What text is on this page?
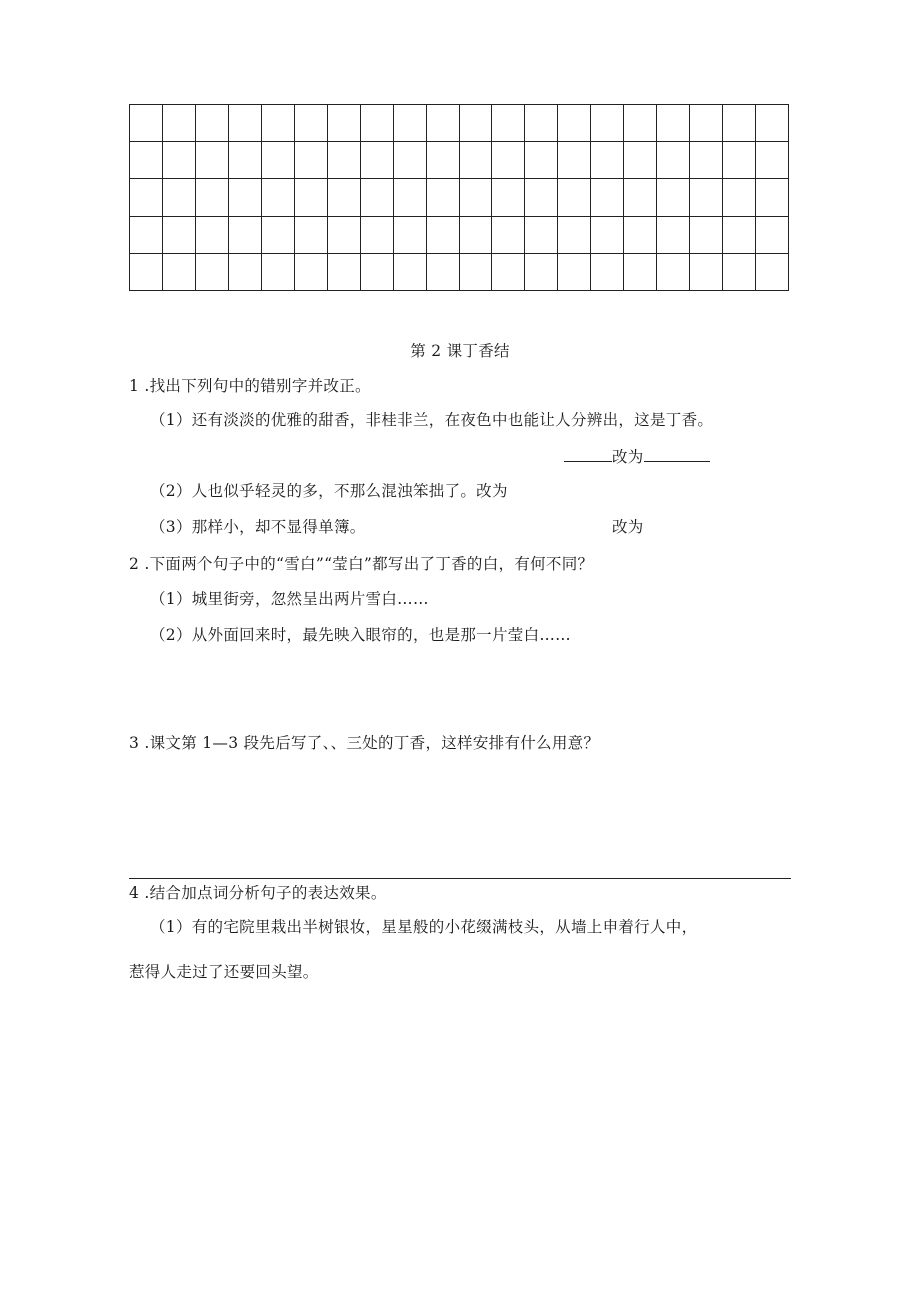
第 2 课丁香结
1 .找出下列句中的错别字并改正。
（1）还有淡淡的优雅的甜香，非桂非兰，在夜色中也能让人分辨出，这是丁香。
改为
（2）人也似乎轻灵的多，不那么混浊笨拙了。改为
（3）那样小，却不显得单簿。	改为
2 .下面两个句子中的“雪白”“莹白”都写出了丁香的白，有何不同？
（1）城里街旁，忽然呈出两片雪白……
（2）从外面回来时，最先映入眼帘的，也是那一片莹白……
3 .课文第 1—3 段先后写了、、三处的丁香，这样安排有什么用意？
4 .结合加点词分析句子的表达效果。
（1）有的宅院里栽出半树银妆，星星般的小花缀满枝头，从墙上申着行人中，
惹得人走过了还要回头望。
